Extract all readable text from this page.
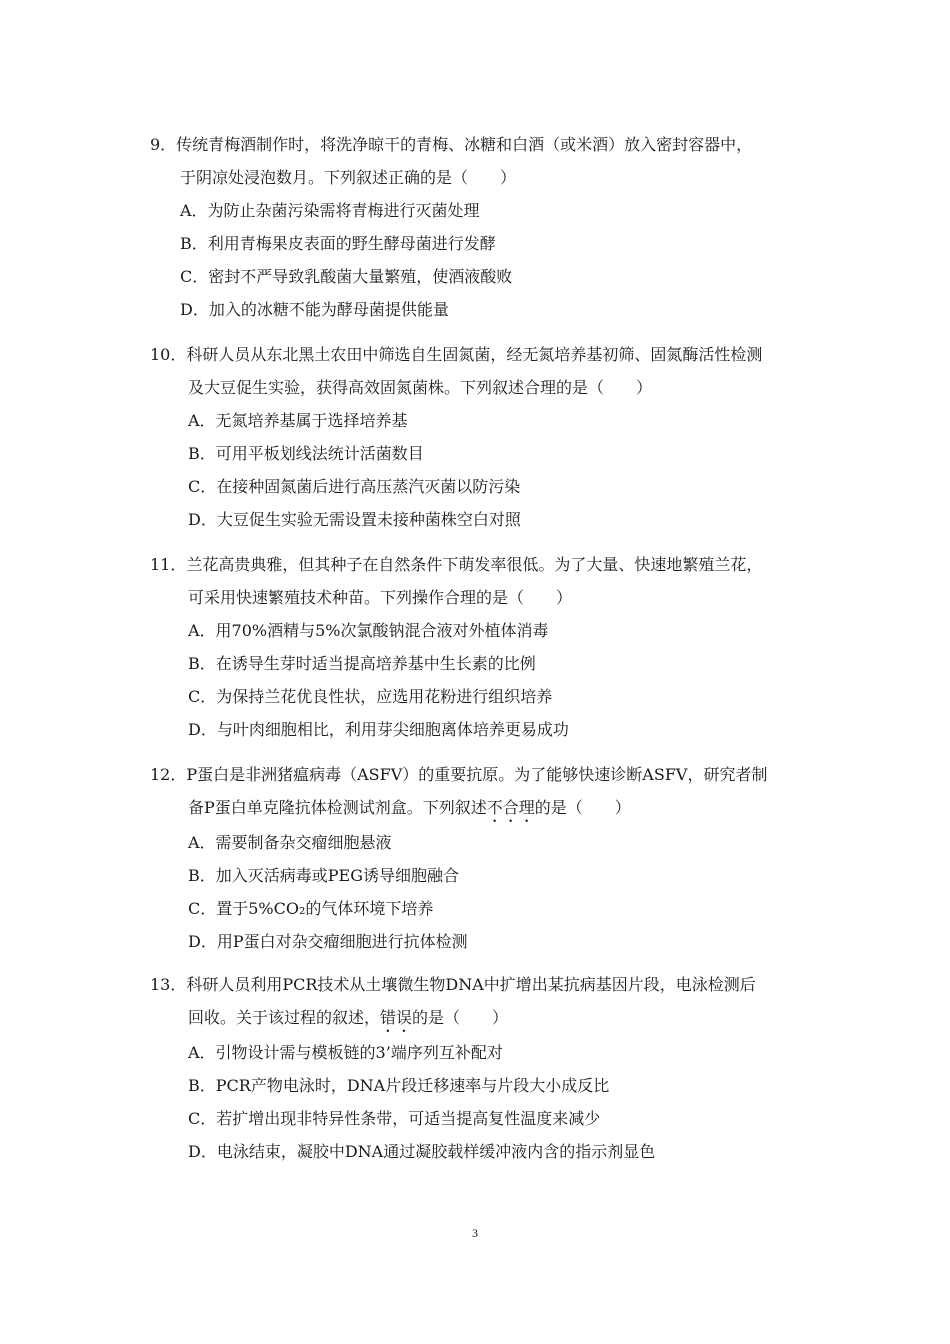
9．传统青梅酒制作时，将洗净晾干的青梅、冰糖和白酒（或米酒）放入密封容器中，

于阴凉处浸泡数月。下列叙述正确的是（　　）

A．为防止杂菌污染需将青梅进行灭菌处理

B．利用青梅果皮表面的野生酵母菌进行发酵

C．密封不严导致乳酸菌大量繁殖，使酒液酸败

D．加入的冰糖不能为酵母菌提供能量

10．科研人员从东北黑土农田中筛选自生固氮菌，经无氮培养基初筛、固氮酶活性检测

及大豆促生实验，获得高效固氮菌株。下列叙述合理的是（　　）

A．无氮培养基属于选择培养基

B．可用平板划线法统计活菌数目

C．在接种固氮菌后进行高压蒸汽灭菌以防污染

D．大豆促生实验无需设置未接种菌株空白对照

11．兰花高贵典雅，但其种子在自然条件下萌发率很低。为了大量、快速地繁殖兰花，

可采用快速繁殖技术种苗。下列操作合理的是（　　）

A．用70%酒精与5%次氯酸钠混合液对外植体消毒

B．在诱导生芽时适当提高培养基中生长素的比例

C．为保持兰花优良性状，应选用花粉进行组织培养

D．与叶肉细胞相比，利用芽尖细胞离体培养更易成功

12．P蛋白是非洲猪瘟病毒（ASFV）的重要抗原。为了能够快速诊断ASFV，研究者制

备P蛋白单克隆抗体检测试剂盒。下列叙述不合理的是（　　）

A．需要制备杂交瘤细胞悬液

B．加入灭活病毒或PEG诱导细胞融合

C．置于5%CO₂的气体环境下培养

D．用P蛋白对杂交瘤细胞进行抗体检测

13．科研人员利用PCR技术从土壤微生物DNA中扩增出某抗病基因片段，电泳检测后

回收。关于该过程的叙述，错误的是（　　）

A．引物设计需与模板链的3’端序列互补配对

B．PCR产物电泳时，DNA片段迁移速率与片段大小成反比

C．若扩增出现非特异性条带，可适当提高复性温度来减少

D．电泳结束，凝胶中DNA通过凝胶载样缓冲液内含的指示剂显色

3
